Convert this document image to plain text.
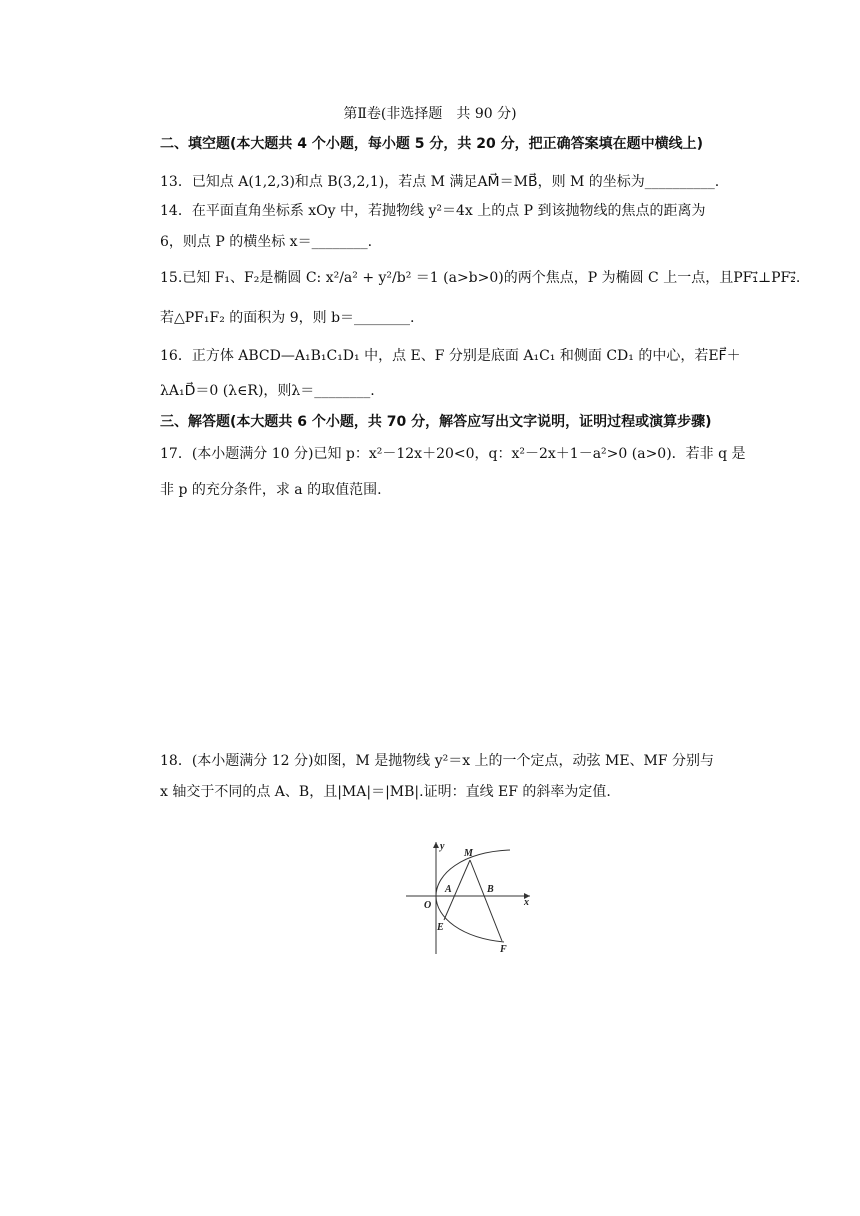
第Ⅱ卷(非选择题　共 90 分)
二、填空题(本大题共 4 个小题，每小题 5 分，共 20 分，把正确答案填在题中横线上)
13．已知点 A(1,2,3)和点 B(3,2,1)，若点 M 满足AM⃗＝MB⃗，则 M 的坐标为__________.
14．在平面直角坐标系 xOy 中，若抛物线 y²＝4x 上的点 P 到该抛物线的焦点的距离为
6，则点 P 的横坐标 x＝________.
15.已知 F₁、F₂是椭圆 C: x²/a² + y²/b² ＝1 (a>b>0)的两个焦点，P 为椭圆 C 上一点，且PF₁⃗⊥PF₂⃗.
若△PF₁F₂ 的面积为 9，则 b＝________.
16．正方体 ABCD—A₁B₁C₁D₁ 中，点 E、F 分别是底面 A₁C₁ 和侧面 CD₁ 的中心，若EF⃗＋
λA₁D⃗＝0 (λ∈R)，则λ＝________.
三、解答题(本大题共 6 个小题，共 70 分，解答应写出文字说明，证明过程或演算步骤)
17．(本小题满分 10 分)已知 p：x²－12x＋20<0，q：x²－2x＋1－a²>0 (a>0)．若非 q 是
非 p 的充分条件，求 a 的取值范围.
18．(本小题满分 12 分)如图，M 是抛物线 y²＝x 上的一个定点，动弦 ME、MF 分别与
x 轴交于不同的点 A、B，且|MA|＝|MB|.证明：直线 EF 的斜率为定值.
y
x
O
M
A	B
E
F
